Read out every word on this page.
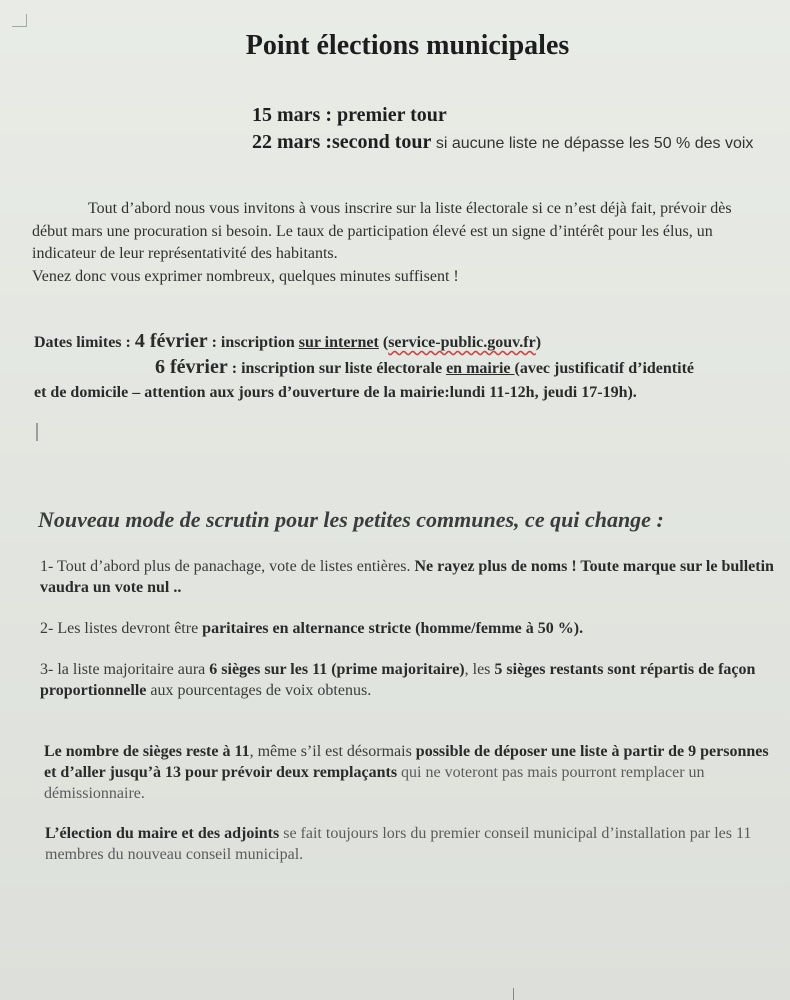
Point élections municipales
15 mars : premier tour
22 mars :second tour si aucune liste ne dépasse les 50 % des voix

Tout d’abord nous vous invitons à vous inscrire sur la liste électorale si ce n’est déjà fait, prévoir dès début mars une procuration si besoin. Le taux de participation élevé est un signe d’intérêt pour les élus, un indicateur de leur représentativité des habitants.

Venez donc vous exprimer nombreux, quelques minutes suffisent !

Dates limites : 4 février : inscription sur internet (service-public.gouv.fr)
6 février : inscription sur liste électorale en mairie (avec justificatif d’identité
et de domicile – attention aux jours d’ouverture de la mairie:lundi 11-12h, jeudi 17-19h).
Nouveau mode de scrutin pour les petites communes, ce qui change :
1- Tout d’abord plus de panachage, vote de listes entières. Ne rayez plus de noms ! Toute marque sur le bulletin vaudra un vote nul ..
2- Les listes devront être paritaires en alternance stricte (homme/femme à 50 %).
3- la liste majoritaire aura 6 sièges sur les 11 (prime majoritaire), les 5 sièges restants sont répartis de façon proportionnelle aux pourcentages de voix obtenus.
Le nombre de sièges reste à 11, même s’il est désormais possible de déposer une liste à partir de 9 personnes et d’aller jusqu’à 13 pour prévoir deux remplaçants qui ne voteront pas mais pourront remplacer un démissionnaire.
L’élection du maire et des adjoints se fait toujours lors du premier conseil municipal d’installation par les 11 membres du nouveau conseil municipal.
